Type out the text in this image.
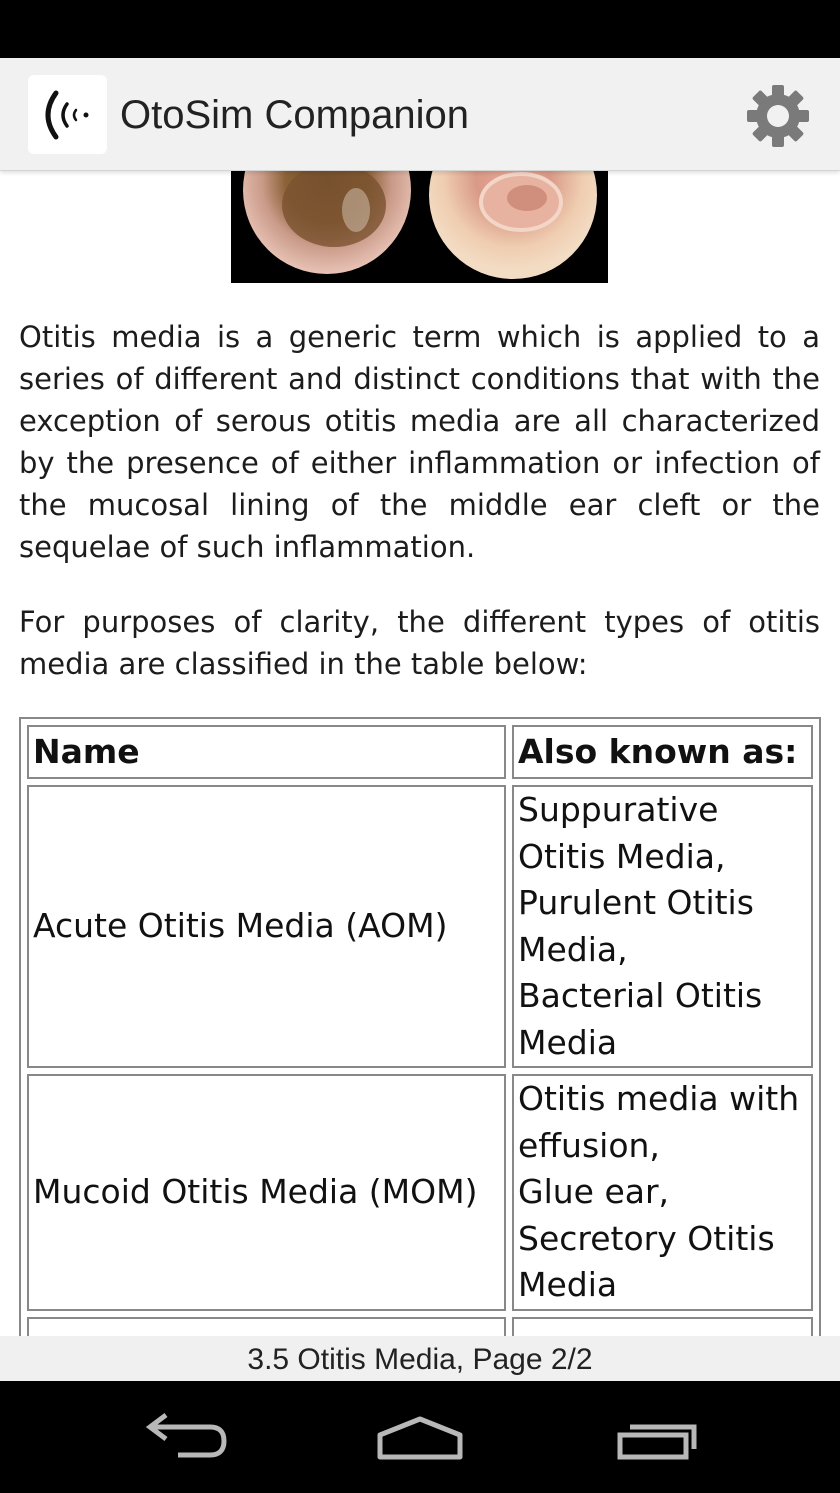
OtoSim Companion

Otitis media is a generic term which is applied to a series of different and distinct conditions that with the exception of serous otitis media are all characterized by the presence of either inflammation or infection of the mucosal lining of the middle ear cleft or the sequelae of such inflammation.

For purposes of clarity, the different types of otitis media are classified in the table below:

Name	Also known as:
Acute Otitis Media (AOM)	Suppurative Otitis Media,
Purulent Otitis Media,
Bacterial Otitis Media

Mucoid Otitis Media (MOM)	Otitis media with effusion,
Glue ear,
Secretory Otitis Media

3.5 Otitis Media, Page 2/2
